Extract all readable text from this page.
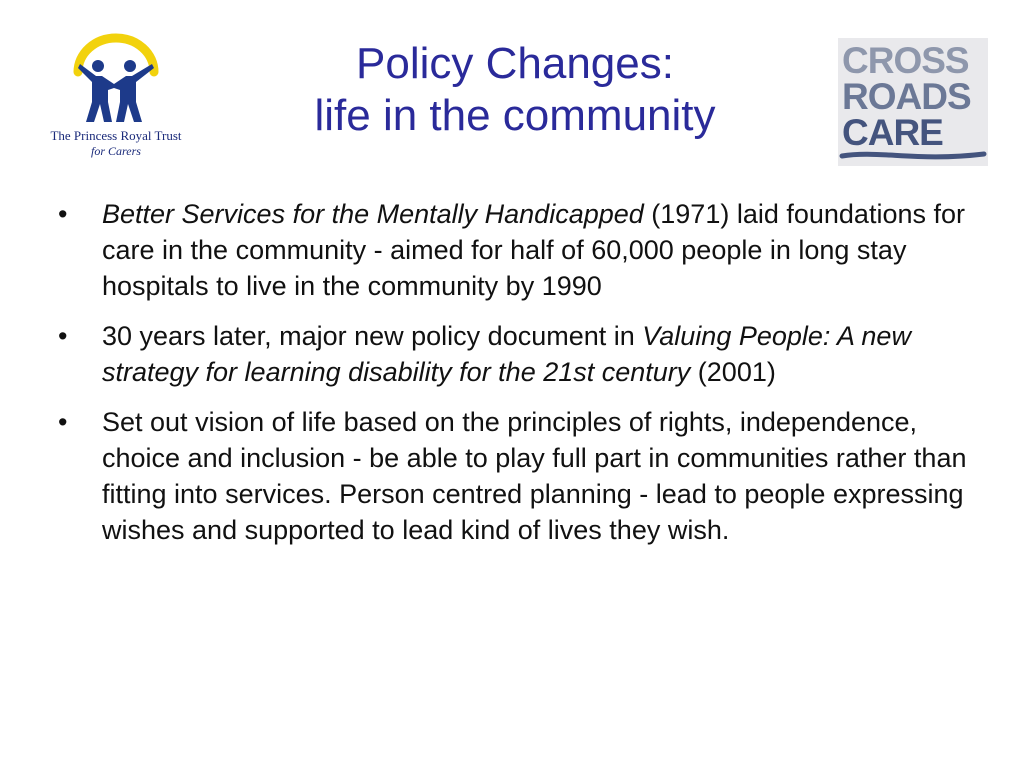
The Princess Royal Trust
for Carers
Policy Changes:
life in the community
CROSS
ROADS
CARE
• Better Services for the Mentally Handicapped (1971) laid foundations for care in the community - aimed for half of 60,000 people in long stay hospitals to live in the community by 1990
• 30 years later, major new policy document in Valuing People: A new strategy for learning disability for the 21st century (2001)
• Set out vision of life based on the principles of rights, independence, choice and inclusion - be able to play full part in communities rather than fitting into services. Person centred planning - lead to people expressing wishes and supported to lead kind of lives they wish.
